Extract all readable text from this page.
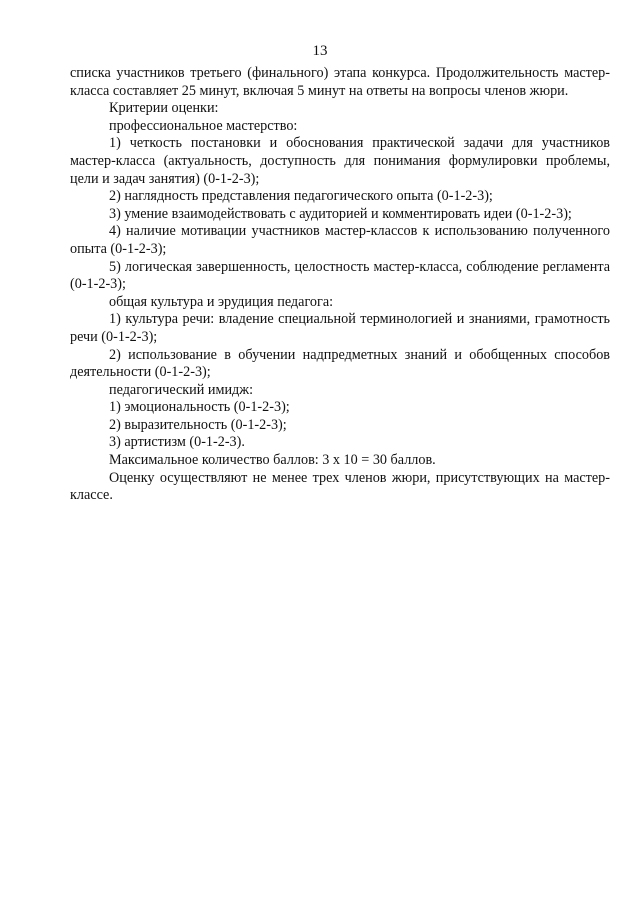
13

списка участников третьего (финального) этапа конкурса. Продолжительность мастер-класса составляет 25 минут, включая 5 минут на ответы на вопросы членов жюри.

Критерии оценки:

профессиональное мастерство:

1) четкость постановки и обоснования практической задачи для участников мастер-класса (актуальность, доступность для понимания формулировки проблемы, цели и задач занятия) (0-1-2-3);

2) наглядность представления педагогического опыта (0-1-2-3);

3) умение взаимодействовать с аудиторией и комментировать идеи (0-1-2-3);

4) наличие мотивации участников мастер-классов к использованию полученного опыта (0-1-2-3);

5) логическая завершенность, целостность мастер-класса, соблюдение регламента (0-1-2-3);

общая культура и эрудиция педагога:

1) культура речи: владение специальной терминологией и знаниями, грамотность речи (0-1-2-3);

2) использование в обучении надпредметных знаний и обобщенных способов деятельности (0-1-2-3);

педагогический имидж:

1) эмоциональность (0-1-2-3);

2) выразительность (0-1-2-3);

3) артистизм (0-1-2-3).

Максимальное количество баллов: 3 х 10 = 30 баллов.

Оценку осуществляют не менее трех членов жюри, присутствующих на мастер-классе.
